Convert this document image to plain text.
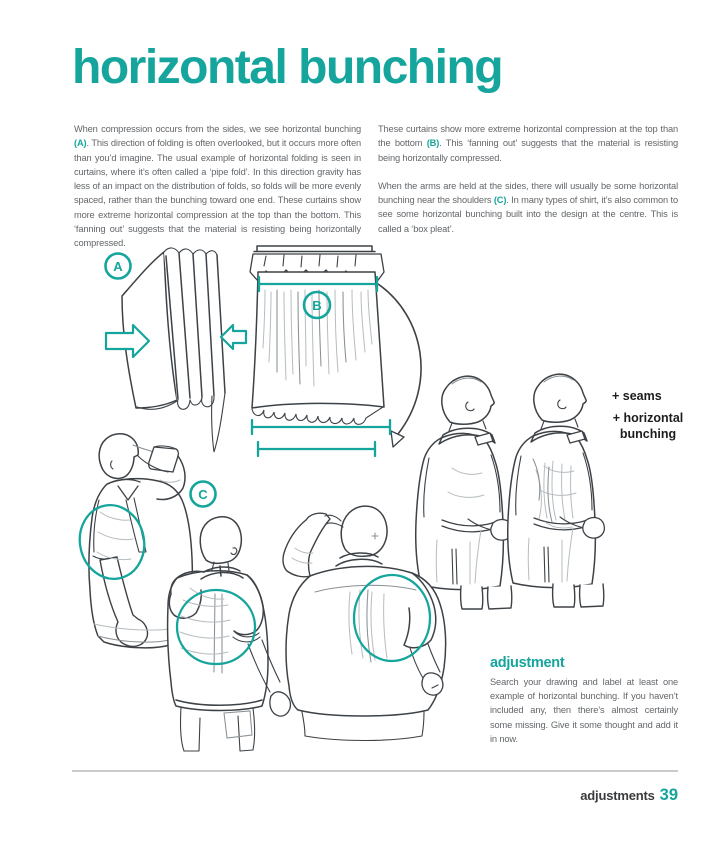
horizontal bunching

When compression occurs from the sides, we see horizontal bunching (A). This direction of folding is often overlooked, but it occurs more often than you’d imagine. The usual example of horizontal folding is seen in curtains, where it’s often called a ‘pipe fold’. In this direction gravity has less of an impact on the distribution of folds, so folds will be more evenly spaced, rather than the bunching toward one end. These curtains show more extreme horizontal compression at the top than the bottom. This ‘fanning out’ suggests that the material is resisting being horizontally compressed.

These curtains show more extreme horizontal compression at the top than the bottom (B). This ‘fanning out’ suggests that the material is resisting being horizontally compressed.

When the arms are held at the sides, there will usually be some horizontal bunching near the shoulders (C). In many types of shirt, it’s also common to see some horizontal bunching built into the design at the centre. This is called a ‘box pleat’.

A
B
C
+ seams
+ horizontal bunching
adjustment

Search your drawing and label at least one example of horizontal bunching. If you haven’t included any, then there’s almost certainly some missing. Give it some thought and add it in now.

adjustments 39
